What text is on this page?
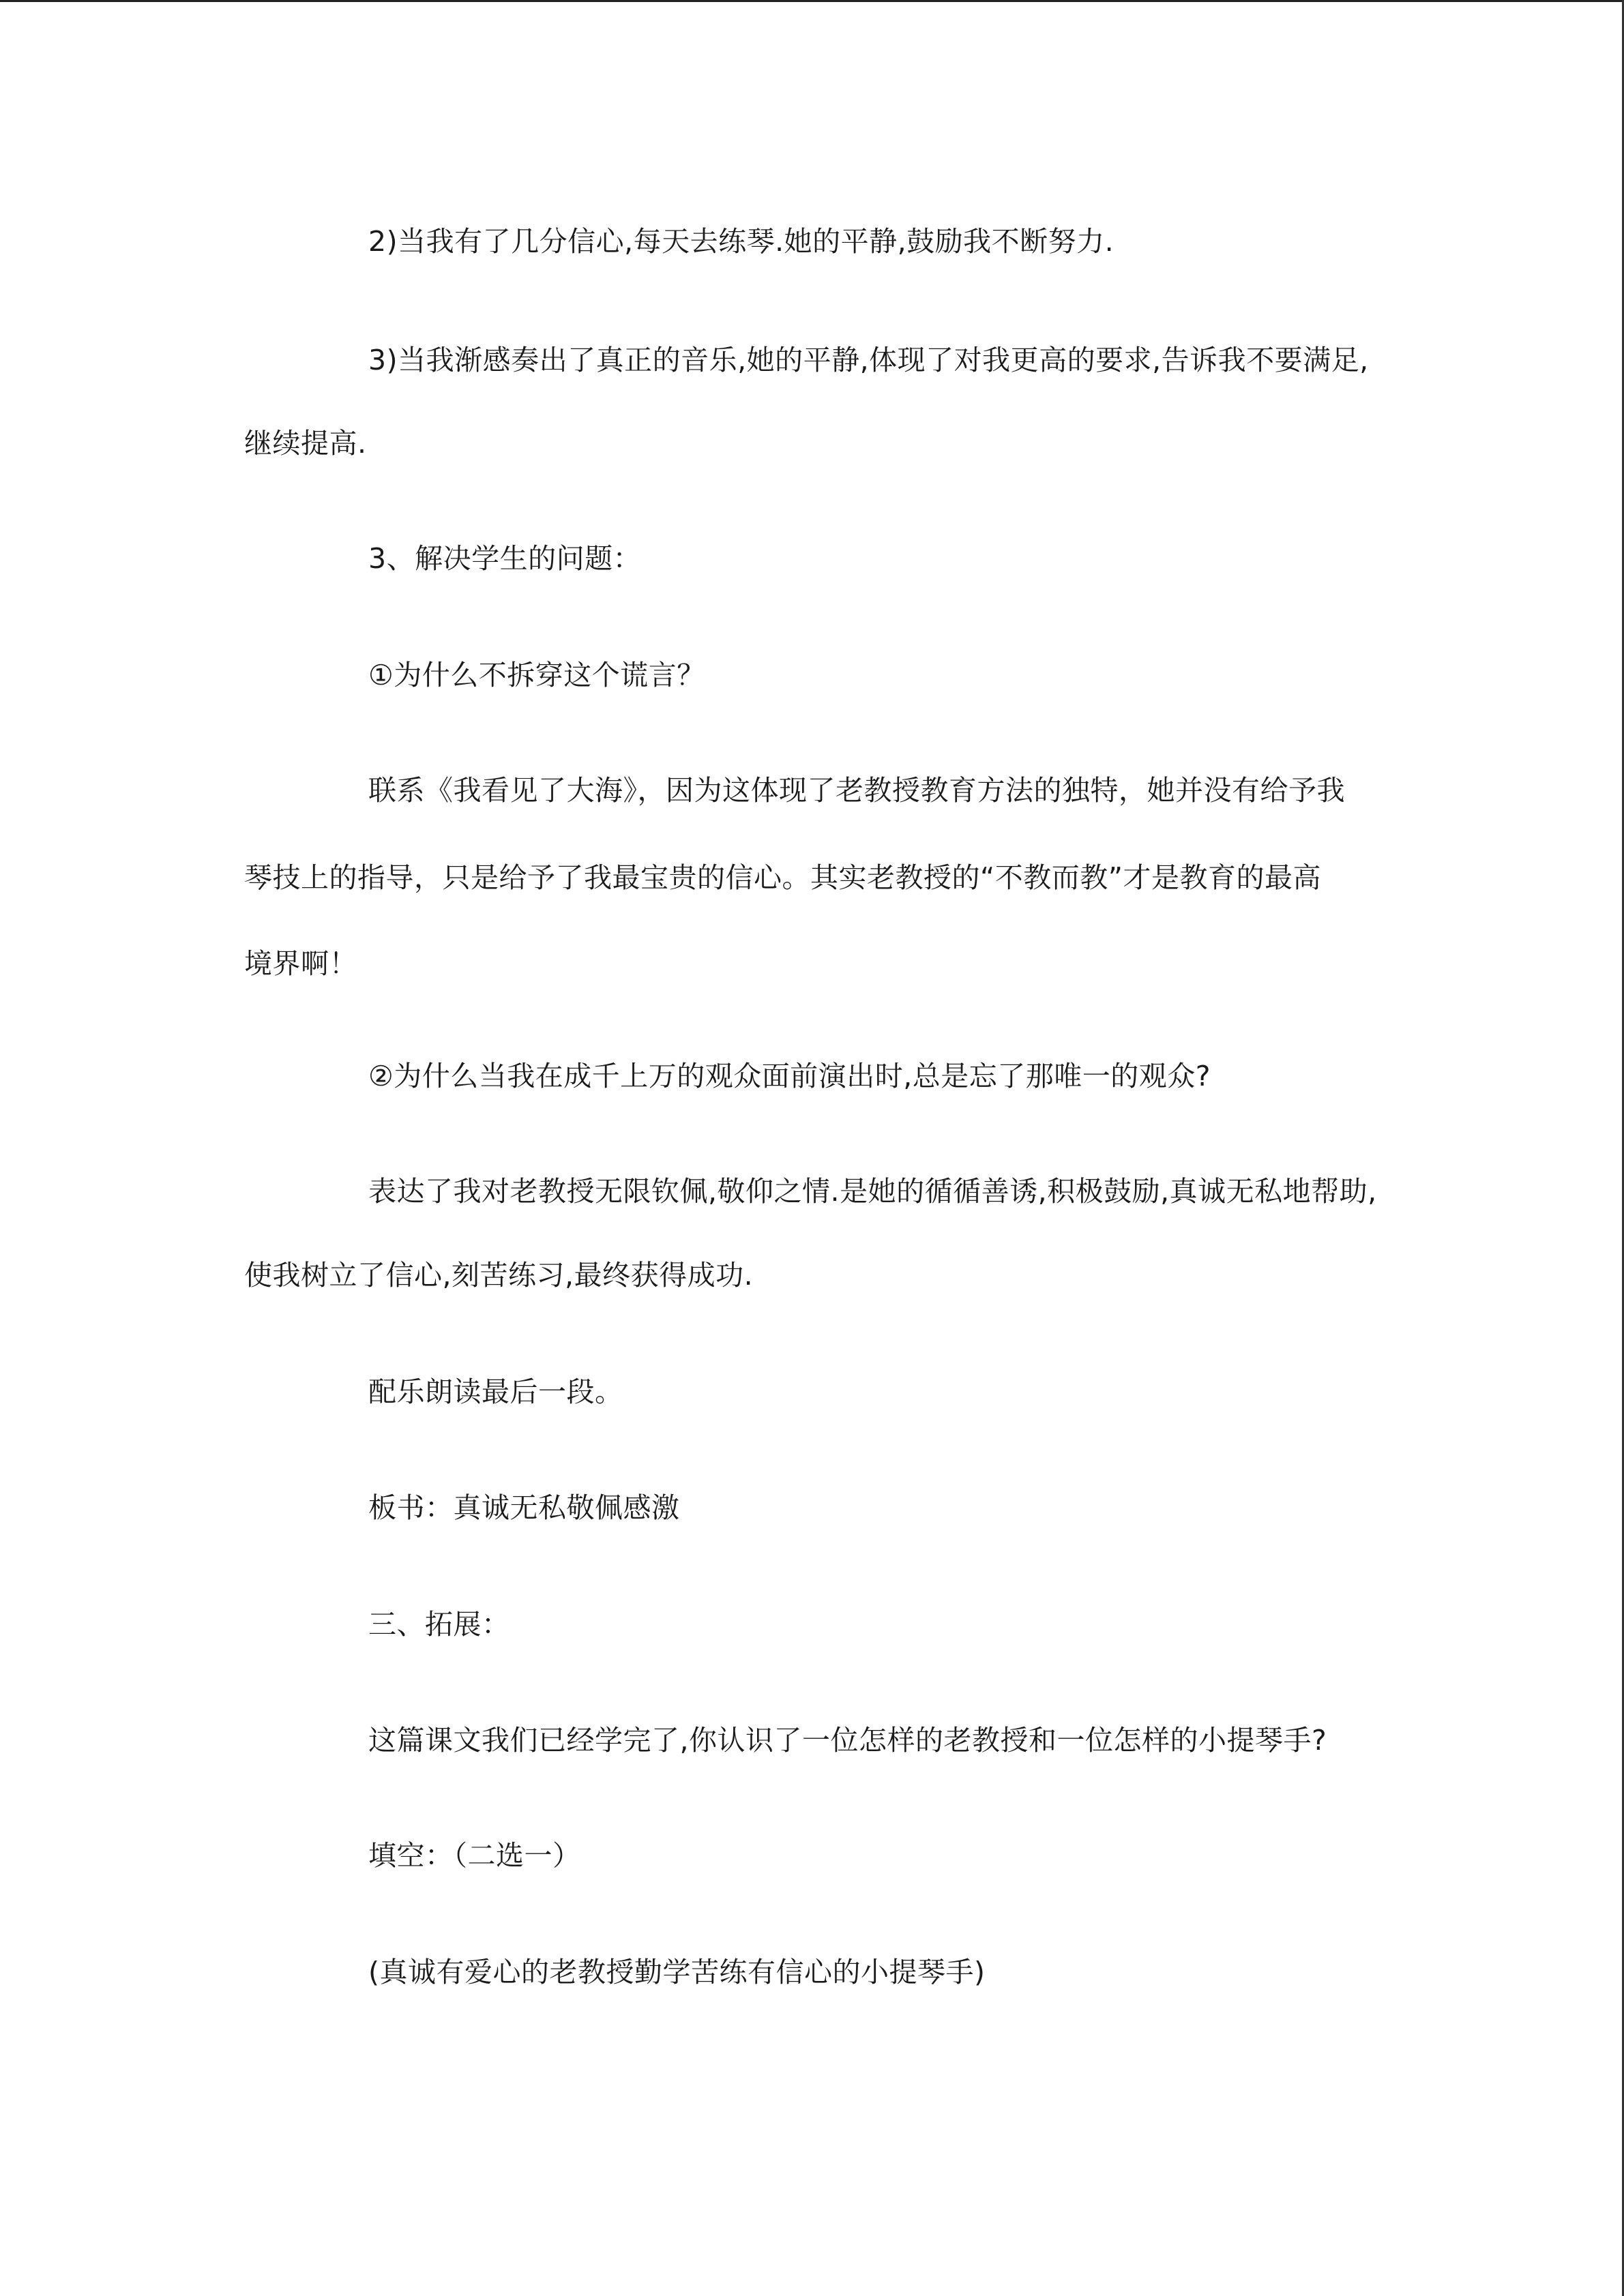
2)当我有了几分信心,每天去练琴.她的平静,鼓励我不断努力.

3)当我渐感奏出了真正的音乐,她的平静,体现了对我更高的要求,告诉我不要满足,

继续提高.

3、解决学生的问题：

①为什么不拆穿这个谎言？

联系《我看见了大海》，因为这体现了老教授教育方法的独特，她并没有给予我

琴技上的指导，只是给予了我最宝贵的信心。其实老教授的“不教而教”才是教育的最高

境界啊！

②为什么当我在成千上万的观众面前演出时,总是忘了那唯一的观众?

表达了我对老教授无限钦佩,敬仰之情.是她的循循善诱,积极鼓励,真诚无私地帮助,

使我树立了信心,刻苦练习,最终获得成功.

配乐朗读最后一段。

板书：真诚无私敬佩感激

三、拓展：

这篇课文我们已经学完了,你认识了一位怎样的老教授和一位怎样的小提琴手?

填空：（二选一）

(真诚有爱心的老教授勤学苦练有信心的小提琴手)
